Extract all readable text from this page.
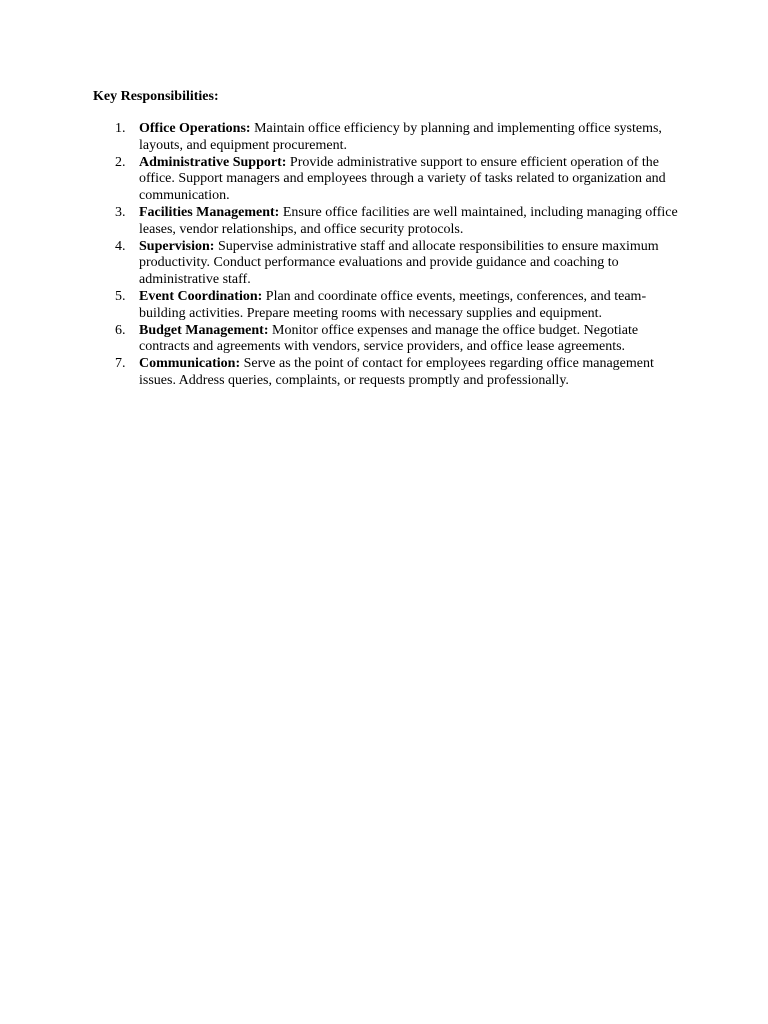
Key Responsibilities:

1. Office Operations: Maintain office efficiency by planning and implementing office systems, layouts, and equipment procurement.
2. Administrative Support: Provide administrative support to ensure efficient operation of the office. Support managers and employees through a variety of tasks related to organization and communication.
3. Facilities Management: Ensure office facilities are well maintained, including managing office leases, vendor relationships, and office security protocols.
4. Supervision: Supervise administrative staff and allocate responsibilities to ensure maximum productivity. Conduct performance evaluations and provide guidance and coaching to administrative staff.
5. Event Coordination: Plan and coordinate office events, meetings, conferences, and team-building activities. Prepare meeting rooms with necessary supplies and equipment.
6. Budget Management: Monitor office expenses and manage the office budget. Negotiate contracts and agreements with vendors, service providers, and office lease agreements.
7. Communication: Serve as the point of contact for employees regarding office management issues. Address queries, complaints, or requests promptly and professionally.
